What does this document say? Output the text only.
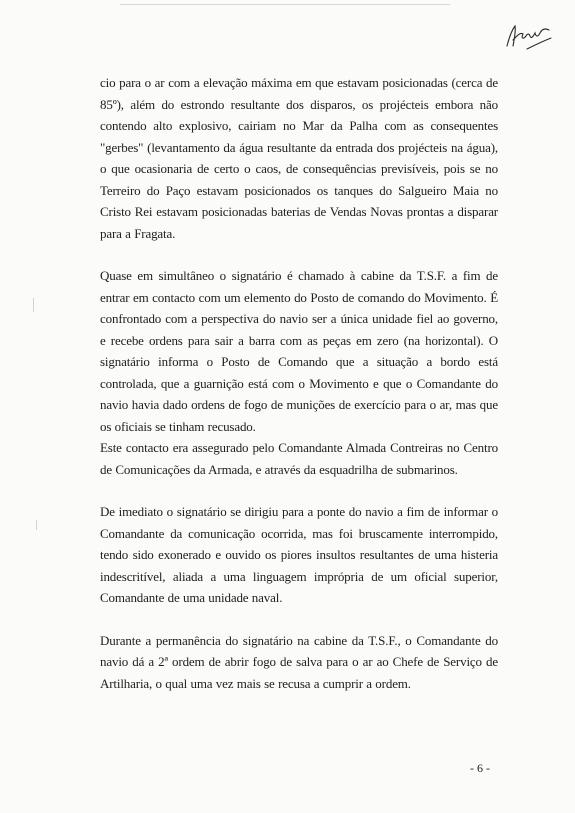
cio para o ar com a elevação máxima em que estavam posicionadas (cerca de 85º), além do estrondo resultante dos disparos, os projécteis embora não contendo alto explosivo, cairiam no Mar da Palha com as consequentes "gerbes" (levantamento da água resultante da entrada dos projécteis na água), o que ocasionaria de certo o caos, de consequências previsíveis, pois se no Terreiro do Paço estavam posicionados os tanques do Salgueiro Maia no Cristo Rei estavam posicionadas baterias de Vendas Novas prontas a disparar para a Fragata.

Quase em simultâneo o signatário é chamado à cabine da T.S.F. a fim de entrar em contacto com um elemento do Posto de comando do Movimento. É confrontado com a perspectiva do navio ser a única unidade fiel ao governo, e recebe ordens para sair a barra com as peças em zero (na horizontal). O signatário informa o Posto de Comando que a situação a bordo está controlada, que a guarnição está com o Movimento e que o Comandante do navio havia dado ordens de fogo de munições de exercício para o ar, mas que os oficiais se tinham recusado.

Este contacto era assegurado pelo Comandante Almada Contreiras no Centro de Comunicações da Armada, e através da esquadrilha de submarinos.

De imediato o signatário se dirigiu para a ponte do navio a fim de informar o Comandante da comunicação ocorrida, mas foi bruscamente interrompido, tendo sido exonerado e ouvido os piores insultos resultantes de uma histeria indescritível, aliada a uma linguagem imprópria de um oficial superior, Comandante de uma unidade naval.

Durante a permanência do signatário na cabine da T.S.F., o Comandante do navio dá a 2ª ordem de abrir fogo de salva para o ar ao Chefe de Serviço de Artilharia, o qual uma vez mais se recusa a cumprir a ordem.

- 6 -
